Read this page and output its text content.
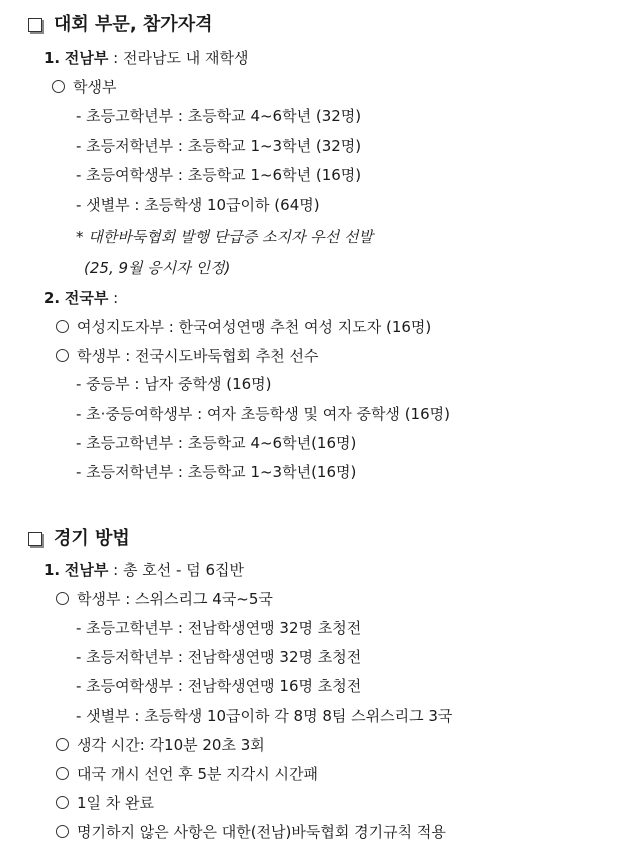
대회 부문, 참가자격
1. 전남부 : 전라남도 내 재학생
학생부
- 초등고학년부 : 초등학교 4~6학년 (32명)
- 초등저학년부 : 초등학교 1~3학년 (32명)
- 초등여학생부 : 초등학교 1~6학년 (16명)
- 샛별부 : 초등학생 10급이하 (64명)
* 대한바둑협회 발행 단급증 소지자 우선 선발
(25, 9월 응시자 인정)
2. 전국부 :
여성지도자부 : 한국여성연맹 추천 여성 지도자 (16명)
학생부 : 전국시도바둑협회 추천 선수
- 중등부 : 남자 중학생 (16명)
- 초·중등여학생부 : 여자 초등학생 및 여자 중학생 (16명)
- 초등고학년부 : 초등학교 4~6학년(16명)
- 초등저학년부 : 초등학교 1~3학년(16명)
경기 방법
1. 전남부 : 총 호선 - 덤 6집반
학생부 : 스위스리그 4국~5국
- 초등고학년부 : 전남학생연맹 32명 초청전
- 초등저학년부 : 전남학생연맹 32명 초청전
- 초등여학생부 : 전남학생연맹 16명 초청전
- 샛별부 : 초등학생 10급이하 각 8명 8팀 스위스리그 3국
생각 시간: 각10분 20초 3회
대국 개시 선언 후 5분 지각시 시간패
1일 차 완료
명기하지 않은 사항은 대한(전남)바둑협회 경기규칙 적용
